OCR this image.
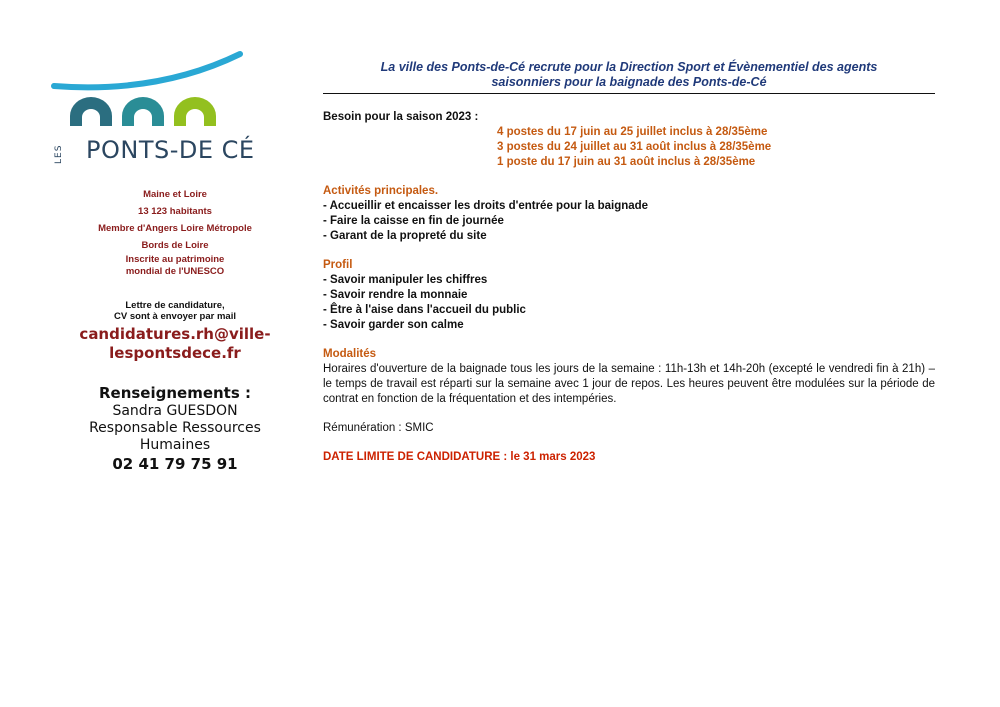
LES PONTS-DE CÉ
Maine et Loire
13 123 habitants
Membre d'Angers Loire Métropole
Bords de Loire
Inscrite au patrimoine
mondial de l'UNESCO
Lettre de candidature,
CV sont à envoyer par mail
candidatures.rh@ville-
lespontsdece.fr
Renseignements :
Sandra GUESDON
Responsable Ressources
Humaines
02 41 79 75 91
La ville des Ponts-de-Cé recrute pour la Direction Sport et Évènementiel des agents
saisonniers pour la baignade des Ponts-de-Cé
Besoin pour la saison 2023 :
4 postes du 17 juin au 25 juillet inclus à 28/35ème
3 postes du 24 juillet au 31 août inclus à 28/35ème
1 poste du 17 juin au 31 août inclus à 28/35ème
Activités principales.
- Accueillir et encaisser les droits d'entrée pour la baignade
- Faire la caisse en fin de journée
- Garant de la propreté du site
Profil
- Savoir manipuler les chiffres
- Savoir rendre la monnaie
- Être à l'aise dans l'accueil du public
- Savoir garder son calme
Modalités
Horaires d'ouverture de la baignade tous les jours de la semaine : 11h-13h et 14h-20h (excepté le vendredi fin à 21h) – le temps de travail est réparti sur la semaine avec 1 jour de repos. Les heures peuvent être modulées sur la période de contrat en fonction de la fréquentation et des intempéries.
Rémunération : SMIC
DATE LIMITE DE CANDIDATURE : le 31 mars 2023
